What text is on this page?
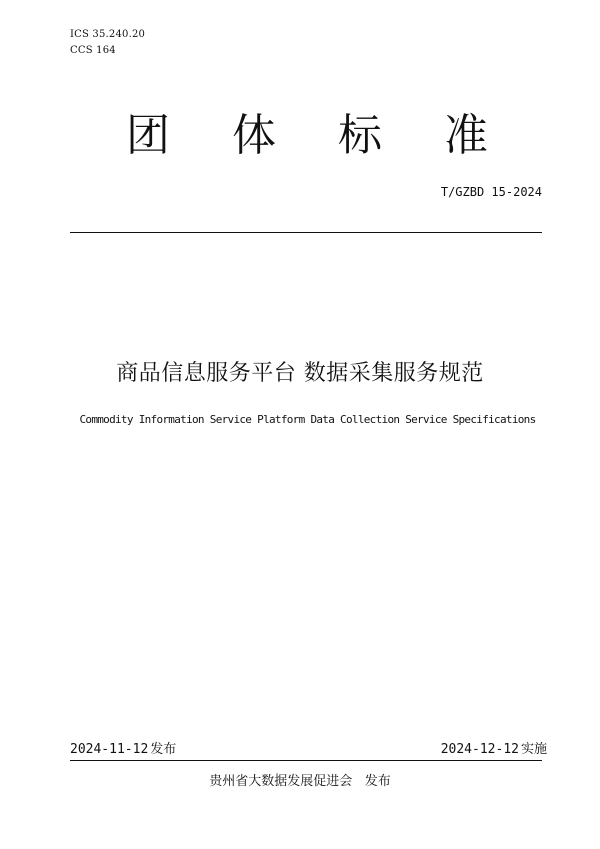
ICS 35.240.20
CCS 164
团 体 标 准
T/GZBD 15-2024
商品信息服务平台 数据采集服务规范
Commodity Information Service Platform Data Collection Service Specifications
2024-11-12 发布	2024-12-12 实施
贵州省大数据发展促进会   发布
